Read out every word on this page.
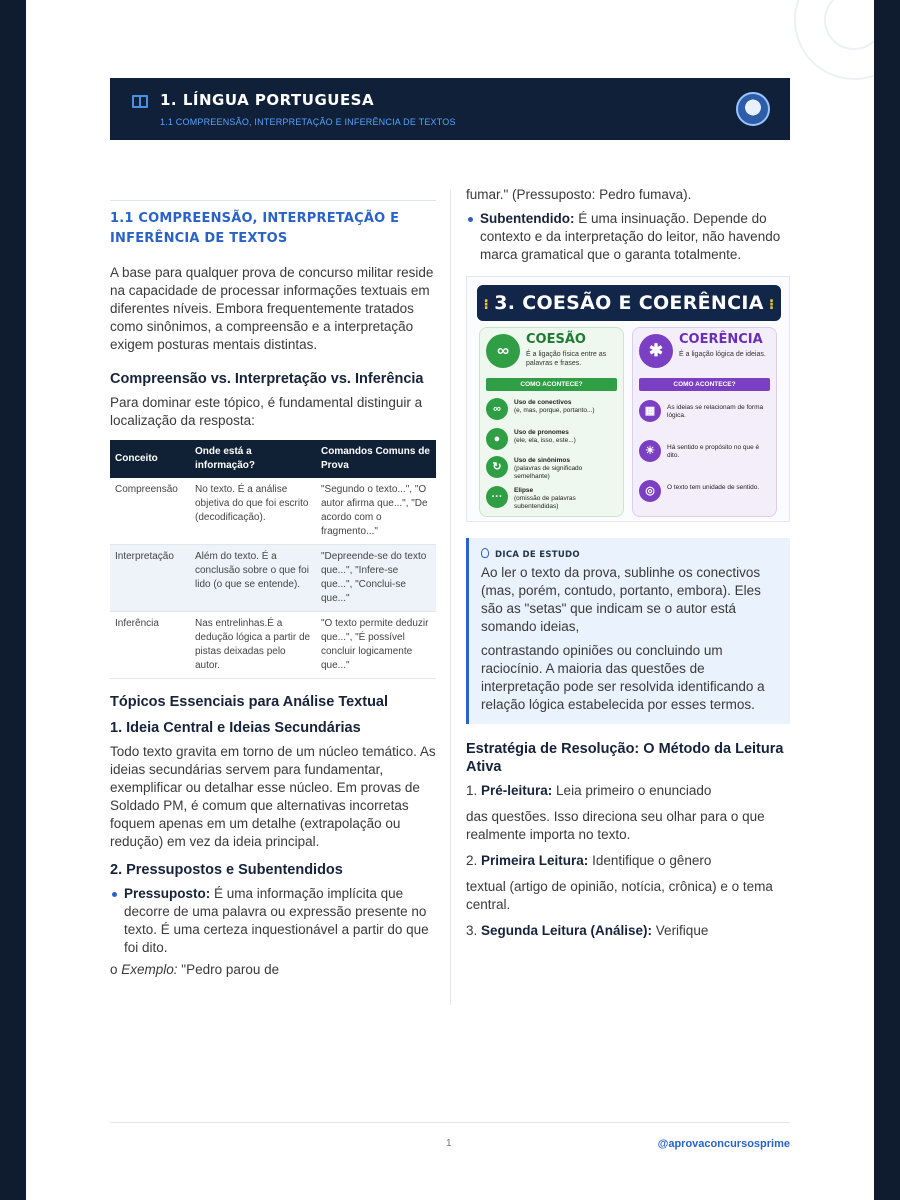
1. LÍNGUA PORTUGUESA
1.1 COMPREENSÃO, INTERPRETAÇÃO E INFERÊNCIA DE TEXTOS
1.1 COMPREENSÃO, INTERPRETAÇÃO E INFERÊNCIA DE TEXTOS

A base para qualquer prova de concurso militar reside na capacidade de processar informações textuais em diferentes níveis. Embora frequentemente tratados como sinônimos, a compreensão e a interpretação exigem posturas mentais distintas.

Compreensão vs. Interpretação vs. Inferência

Para dominar este tópico, é fundamental distinguir a localização da resposta:

Conceito	Onde está a informação?	Comandos Comuns de Prova
Compreensão	No texto. É a análise objetiva do que foi escrito (decodificação).	"Segundo o texto...", "O autor afirma que...", "De acordo com o fragmento..."
Interpretação	Além do texto. É a conclusão sobre o que foi lido (o que se entende).	"Depreende-se do texto que...", "Infere-se que...", "Conclui-se que..."
Inferência	Nas entrelinhas.É a dedução lógica a partir de pistas deixadas pelo autor.	"O texto permite deduzir que...", "É possível concluir logicamente que..."
Tópicos Essenciais para Análise Textual
1. Ideia Central e Ideias Secundárias

Todo texto gravita em torno de um núcleo temático. As ideias secundárias servem para fundamentar, exemplificar ou detalhar esse núcleo. Em provas de Soldado PM, é comum que alternativas incorretas foquem apenas em um detalhe (extrapolação ou redução) em vez da ideia principal.

2. Pressupostos e Subentendidos
Pressuposto: É uma informação implícita que decorre de uma palavra ou expressão presente no texto. É uma certeza inquestionável a partir do que foi dito.

o Exemplo: "Pedro parou de

fumar." (Pressuposto: Pedro fumava).

Subentendido: É uma insinuação. Depende do contexto e da interpretação do leitor, não havendo marca gramatical que o garanta totalmente.
⁝ 3. COESÃO E COERÊNCIA ⁝
∞
COESÃO
É a ligação física entre as palavras e frases.
COMO ACONTECE?
∞
Uso de conectivos
(e, mas, porque, portanto...)
●
Uso de pronomes
(ele, ela, isso, este...)
↻
Uso de sinônimos
(palavras de significado semelhante)
···
Elipse
(omissão de palavras subentendidas)
✱
COERÊNCIA
É a ligação lógica de ideias.
COMO ACONTECE?
▦	As ideias se relacionam de forma lógica.
☀	Há sentido e propósito no que é dito.
◎	O texto tem unidade de sentido.
DICA DE ESTUDO

Ao ler o texto da prova, sublinhe os conectivos (mas, porém, contudo, portanto, embora). Eles são as "setas" que indicam se o autor está somando ideias,

contrastando opiniões ou concluindo um raciocínio. A maioria das questões de interpretação pode ser resolvida identificando a relação lógica estabelecida por esses termos.

Estratégia de Resolução: O Método da Leitura Ativa

1. Pré-leitura: Leia primeiro o enunciado

das questões. Isso direciona seu olhar para o que realmente importa no texto.

2. Primeira Leitura: Identifique o gênero

textual (artigo de opinião, notícia, crônica) e o tema central.

3. Segunda Leitura (Análise): Verifique

1	@aprovaconcursosprime
